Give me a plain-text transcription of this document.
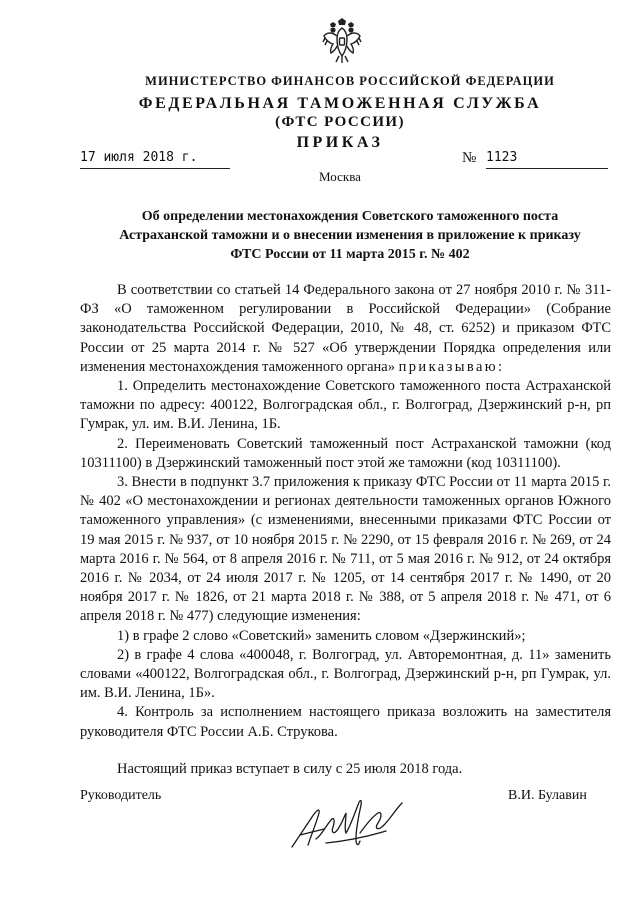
МИНИСТЕРСТВО ФИНАНСОВ РОССИЙСКОЙ ФЕДЕРАЦИИ
ФЕДЕРАЛЬНАЯ ТАМОЖЕННАЯ СЛУЖБА
(ФТС РОССИИ)
ПРИКАЗ
17 июля 2018 г.	№ 1123
Москва
Об определении местонахождения Советского таможенного поста
Астраханской таможни и о внесении изменения в приложение к приказу
ФТС России от 11 марта 2015 г. № 402

В соответствии со статьей 14 Федерального закона от 27 ноября 2010 г. № 311-ФЗ «О таможенном регулировании в Российской Федерации» (Собрание законодательства Российской Федерации, 2010, № 48, ст. 6252) и приказом ФТС России от 25 марта 2014 г. № 527 «Об утверждении Порядка определения или изменения местонахождения таможенного органа» приказываю:

1. Определить местонахождение Советского таможенного поста Астраханской таможни по адресу: 400122, Волгоградская обл., г. Волгоград, Дзержинский р-н, рп Гумрак, ул. им. В.И. Ленина, 1Б.

2. Переименовать Советский таможенный пост Астраханской таможни (код 10311100) в Дзержинский таможенный пост этой же таможни (код 10311100).

3. Внести в подпункт 3.7 приложения к приказу ФТС России от 11 марта 2015 г. № 402 «О местонахождении и регионах деятельности таможенных органов Южного таможенного управления» (с изменениями, внесенными приказами ФТС России от 19 мая 2015 г. № 937, от 10 ноября 2015 г. № 2290, от 15 февраля 2016 г. № 269, от 24 марта 2016 г. № 564, от 8 апреля 2016 г. № 711, от 5 мая 2016 г. № 912, от 24 октября 2016 г. № 2034, от 24 июля 2017 г. № 1205, от 14 сентября 2017 г. № 1490, от 20 ноября 2017 г. № 1826, от 21 марта 2018 г. № 388, от 5 апреля 2018 г. № 471, от 6 апреля 2018 г. № 477) следующие изменения:

1) в графе 2 слово «Советский» заменить словом «Дзержинский»;

2) в графе 4 слова «400048, г. Волгоград, ул. Авторемонтная, д. 11» заменить словами «400122, Волгоградская обл., г. Волгоград, Дзержинский р-н, рп Гумрак, ул. им. В.И. Ленина, 1Б».

4. Контроль за исполнением настоящего приказа возложить на заместителя руководителя ФТС России А.Б. Струкова.

Настоящий приказ вступает в силу с 25 июля 2018 года.

Руководитель	В.И. Булавин
